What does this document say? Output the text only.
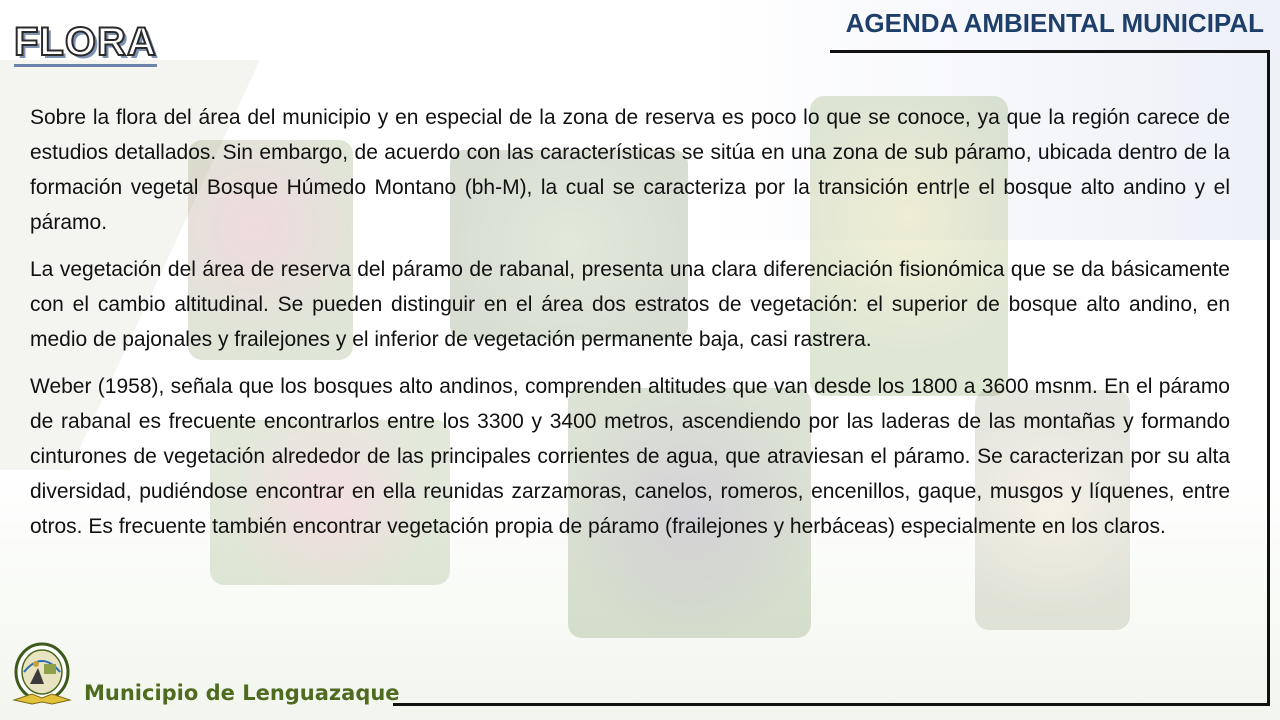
FLORA	AGENDA AMBIENTAL MUNICIPAL

Sobre la flora del área del municipio y en especial de la zona de reserva es poco lo que se conoce, ya que la región carece de estudios detallados. Sin embargo, de acuerdo con las características se sitúa en una zona de sub páramo, ubicada dentro de la formación vegetal Bosque Húmedo Montano (bh-M), la cual se caracteriza por la transición entr|e el bosque alto andino y el páramo.

La vegetación del área de reserva del páramo de rabanal, presenta una clara diferenciación fisionómica que se da básicamente con el cambio altitudinal. Se pueden distinguir en el área dos estratos de vegetación: el superior de bosque alto andino, en medio de pajonales y frailejones y el inferior de vegetación permanente baja, casi rastrera.

Weber (1958), señala que los bosques alto andinos, comprenden altitudes que van desde los 1800 a 3600 msnm. En el páramo de rabanal es frecuente encontrarlos entre los 3300 y 3400 metros, ascendiendo por las laderas de las montañas y formando cinturones de vegetación alrededor de las principales corrientes de agua, que atraviesan el páramo. Se caracterizan por su alta diversidad, pudiéndose encontrar en ella reunidas zarzamoras, canelos, romeros, encenillos, gaque, musgos y líquenes, entre otros. Es frecuente también encontrar vegetación propia de páramo (frailejones y herbáceas) especialmente en los claros.

Municipio de Lenguazaque
